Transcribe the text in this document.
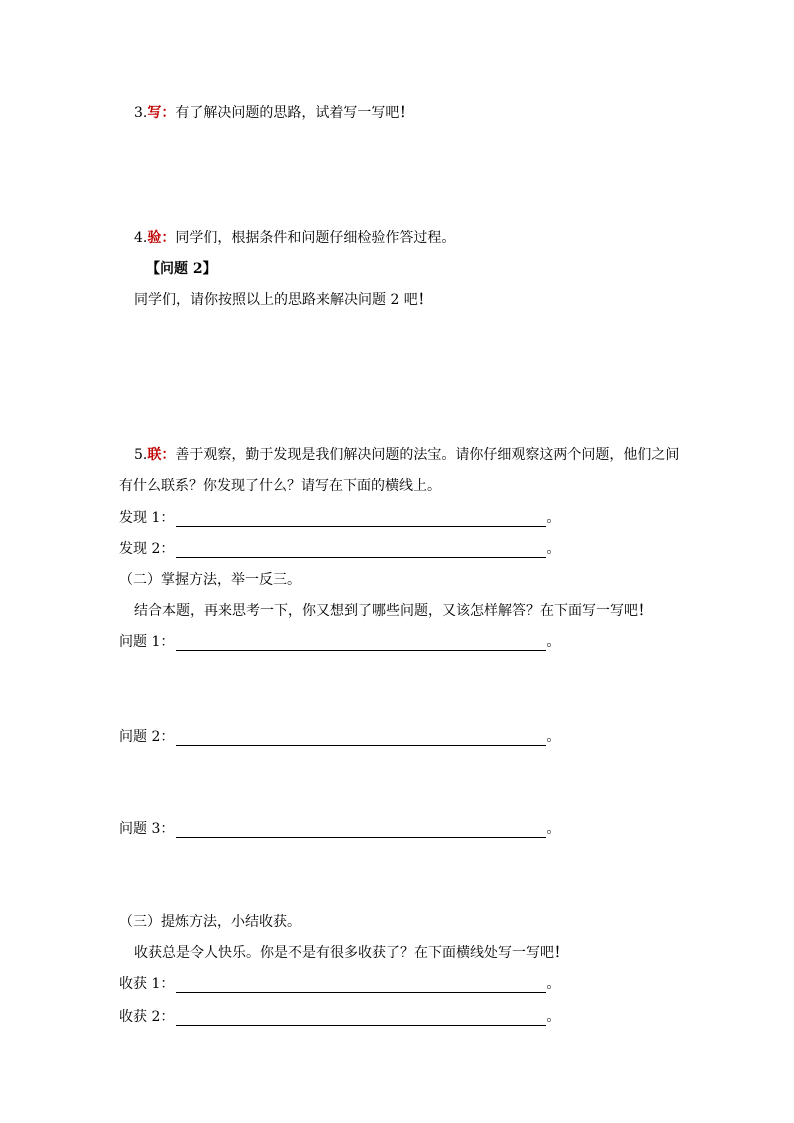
3.写：有了解决问题的思路，试着写一写吧！
4.验：同学们，根据条件和问题仔细检验作答过程。
【问题 2】
同学们，请你按照以上的思路来解决问题 2 吧！
5.联：善于观察，勤于发现是我们解决问题的法宝。请你仔细观察这两个问题，他们之间
有什么联系？你发现了什么？请写在下面的横线上。
发现 1：	。
发现 2：	。
（二）掌握方法，举一反三。
结合本题，再来思考一下，你又想到了哪些问题，又该怎样解答？在下面写一写吧！
问题 1：	。
问题 2：	。
问题 3：	。
（三）提炼方法，小结收获。
收获总是令人快乐。你是不是有很多收获了？在下面横线处写一写吧！
收获 1：	。
收获 2：	。
